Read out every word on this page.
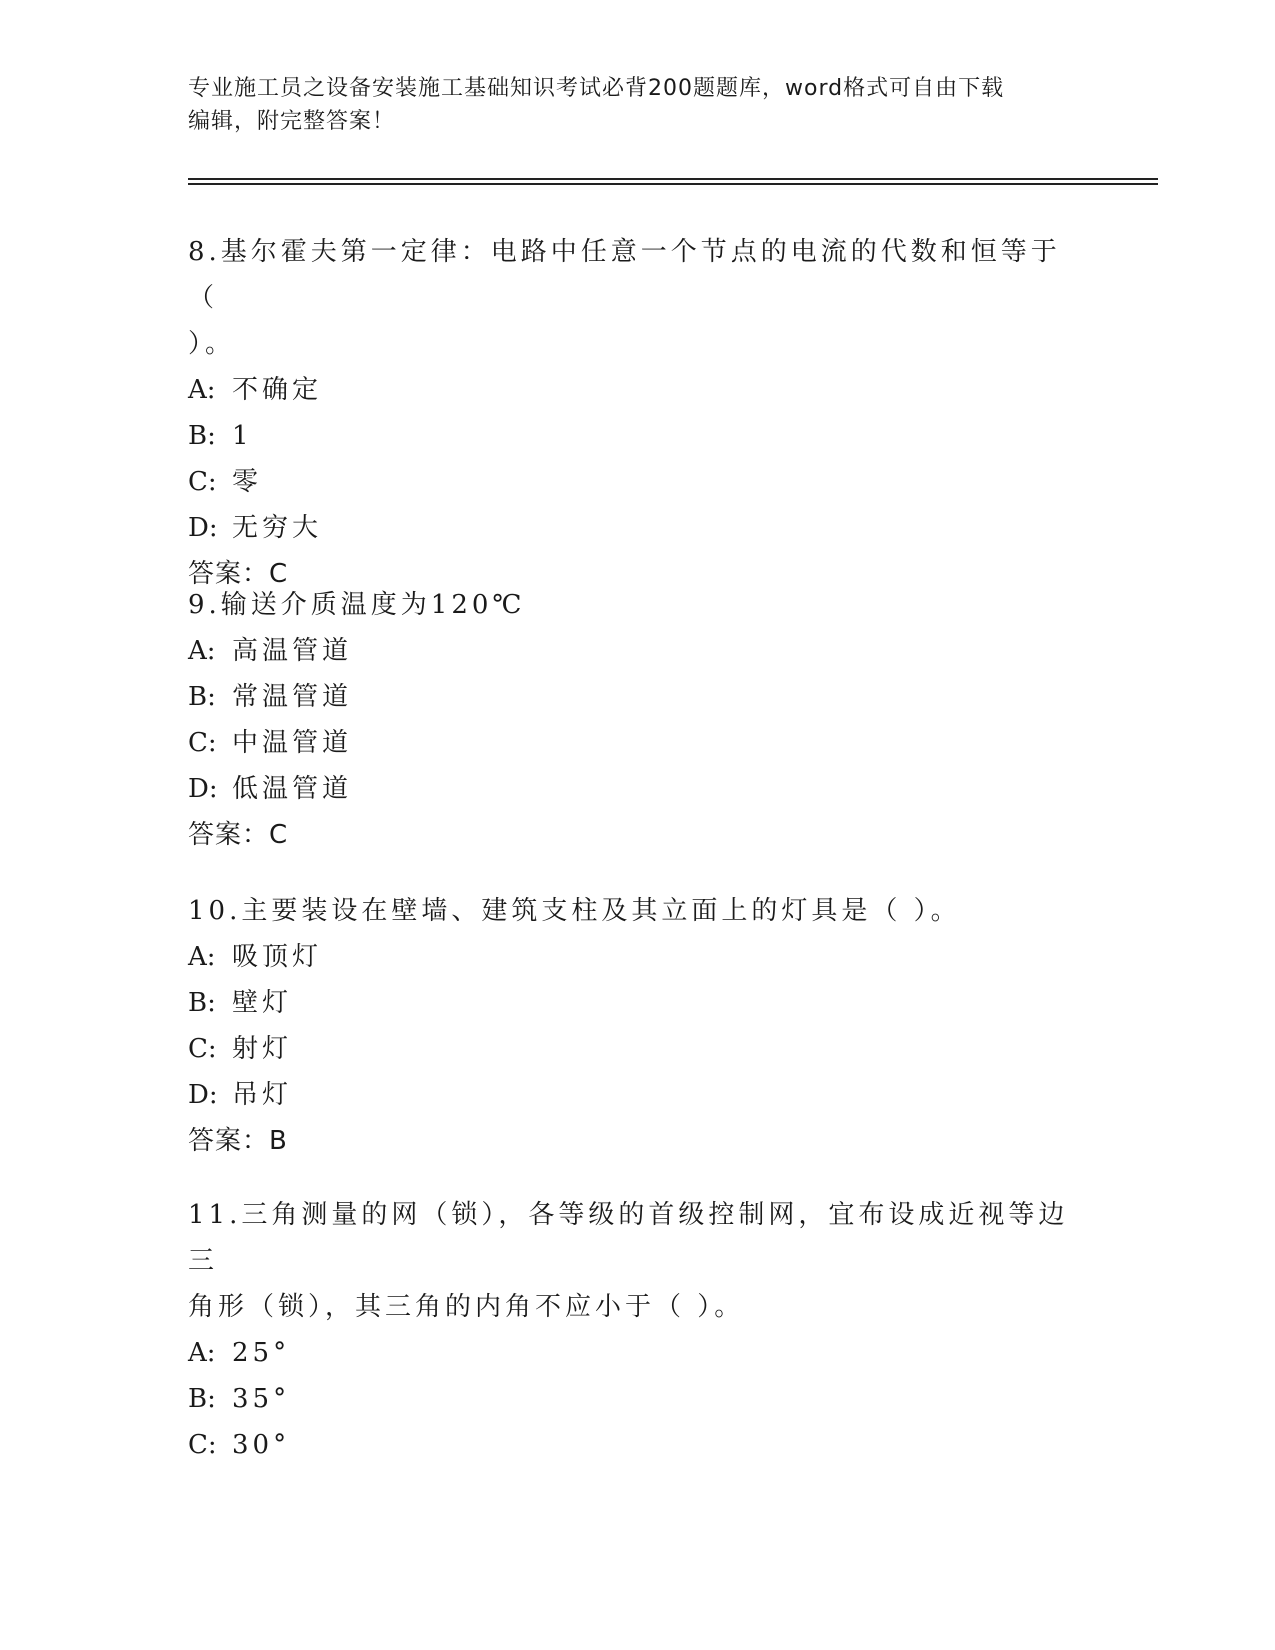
专业施工员之设备安装施工基础知识考试必背200题题库，word格式可自由下载
编辑，附完整答案！
8.基尔霍夫第一定律：电路中任意一个节点的电流的代数和恒等于（
）。
A: 不确定
B: 1
C: 零
D: 无穷大
答案：C
9.输送介质温度为120℃
A: 高温管道
B: 常温管道
C: 中温管道
D: 低温管道
答案：C
10.主要装设在壁墙、建筑支柱及其立面上的灯具是（ ）。
A: 吸顶灯
B: 壁灯
C: 射灯
D: 吊灯
答案：B
11.三角测量的网（锁），各等级的首级控制网，宜布设成近视等边三
角形（锁），其三角的内角不应小于（ ）。
A: 25°
B: 35°
C: 30°
